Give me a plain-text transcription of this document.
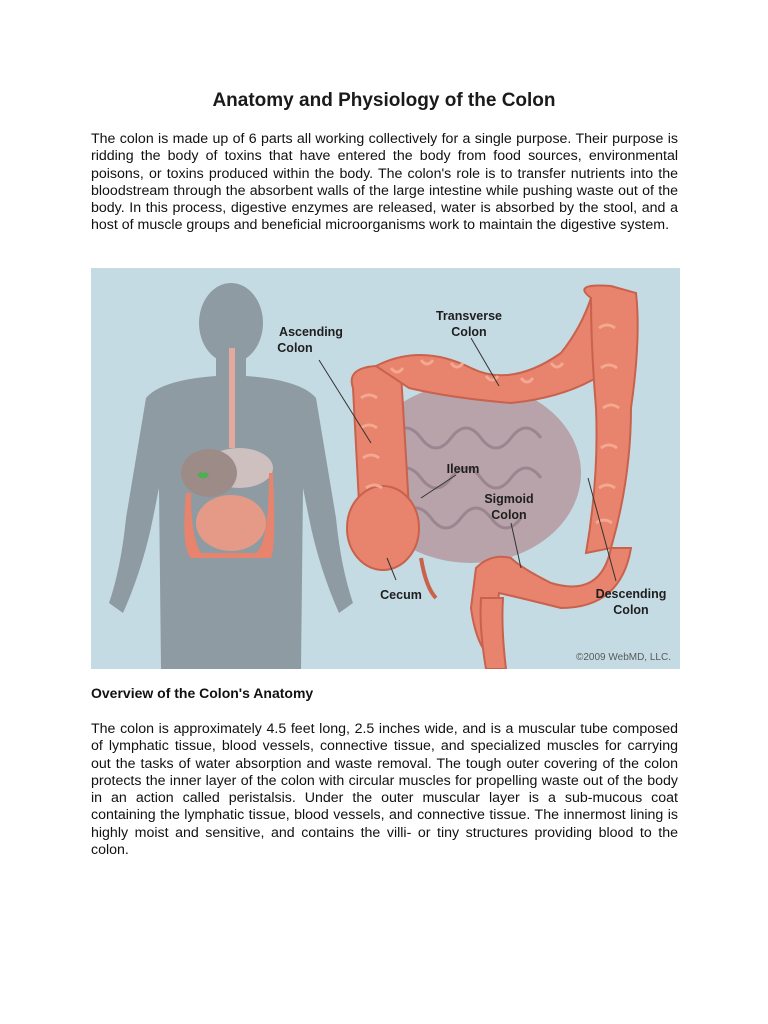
Anatomy and Physiology of the Colon
The colon is made up of 6 parts all working collectively for a single purpose. Their purpose is ridding the body of toxins that have entered the body from food sources, environmental poisons, or toxins produced within the body. The colon's role is to transfer nutrients into the bloodstream through the absorbent walls of the large intestine while pushing waste out of the body. In this process, digestive enzymes are released, water is absorbed by the stool, and a host of muscle groups and beneficial microorganisms work to maintain the digestive system.
Ascending
Colon
Transverse
Colon
Ileum
Sigmoid
Colon
Cecum	Descending
Colon
©2009 WebMD, LLC.
Overview of the Colon's Anatomy
The colon is approximately 4.5 feet long, 2.5 inches wide, and is a muscular tube composed of lymphatic tissue, blood vessels, connective tissue, and specialized muscles for carrying out the tasks of water absorption and waste removal. The tough outer covering of the colon protects the inner layer of the colon with circular muscles for propelling waste out of the body in an action called peristalsis. Under the outer muscular layer is a sub-mucous coat containing the lymphatic tissue, blood vessels, and connective tissue. The innermost lining is highly moist and sensitive, and contains the villi- or tiny structures providing blood to the colon.
